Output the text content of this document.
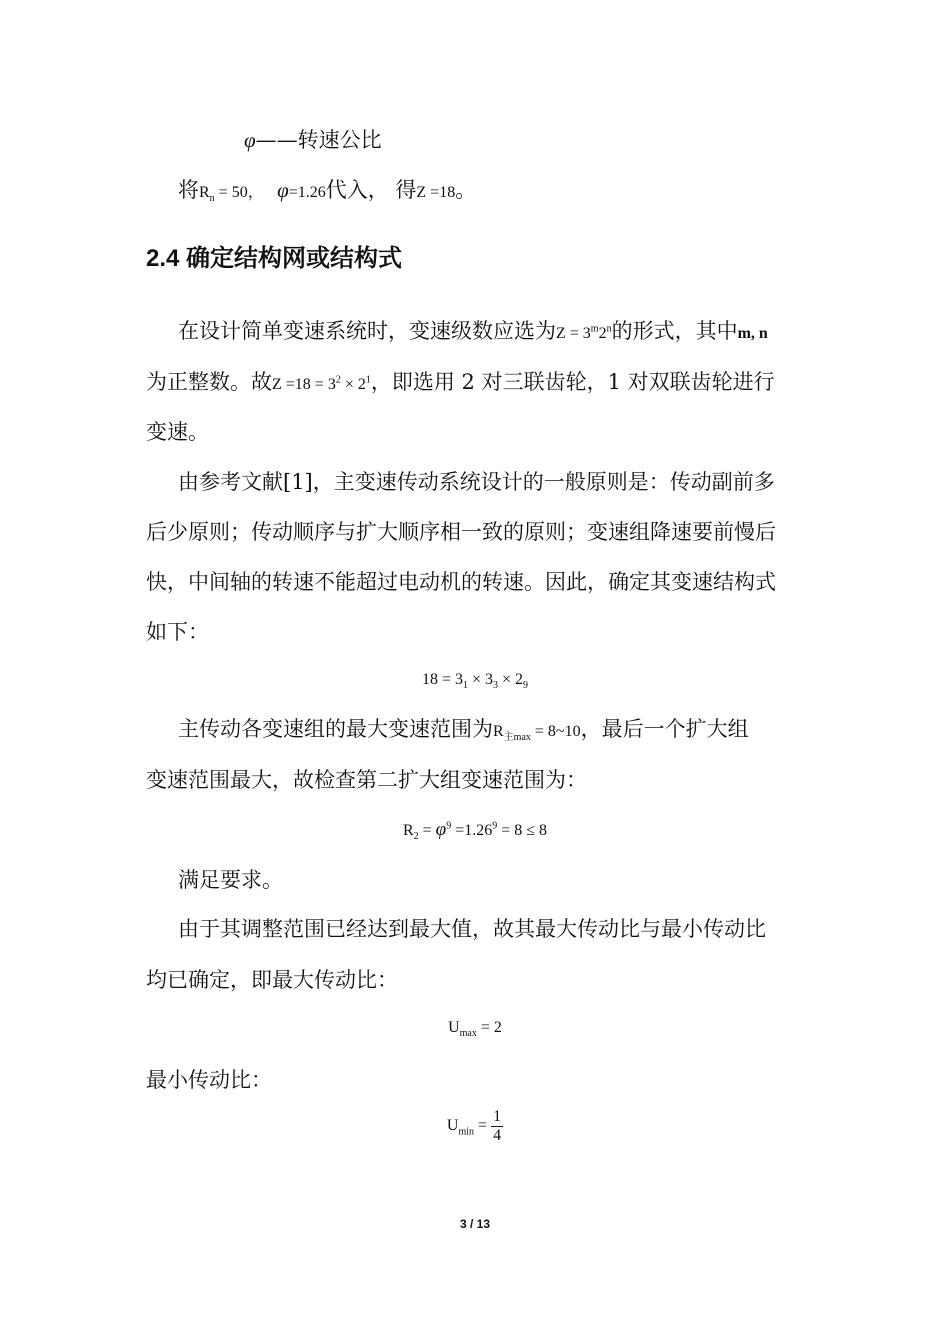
φ——转速公比
将$R_n = 50$， φ=1.26代入， 得Z =18。
2.4 确定结构网或结构式
在设计简单变速系统时，变速级数应选为$Z = 3^m2^n$的形式，其中m, n
为正整数。故$Z =18 = 3^2 \times 2^1$，即选用 2 对三联齿轮，1 对双联齿轮进行
变速。
由参考文献[1]，主变速传动系统设计的一般原则是：传动副前多
后少原则；传动顺序与扩大顺序相一致的原则；变速组降速要前慢后
快，中间轴的转速不能超过电动机的转速。因此，确定其变速结构式
如下：
$18 = 3_1 \times 3_3 \times 2_9$
主传动各变速组的最大变速范围为$R_{主max}$ = 8~10，最后一个扩大组
变速范围最大，故检查第二扩大组变速范围为：
$R_2 = \varphi^9 =1.26^9 = 8 \le 8$
满足要求。
由于其调整范围已经达到最大值，故其最大传动比与最小传动比
均已确定，即最大传动比：
$U_{max} = 2$
最小传动比：
$U_{min} = \frac{1}{4}$
3 / 13
